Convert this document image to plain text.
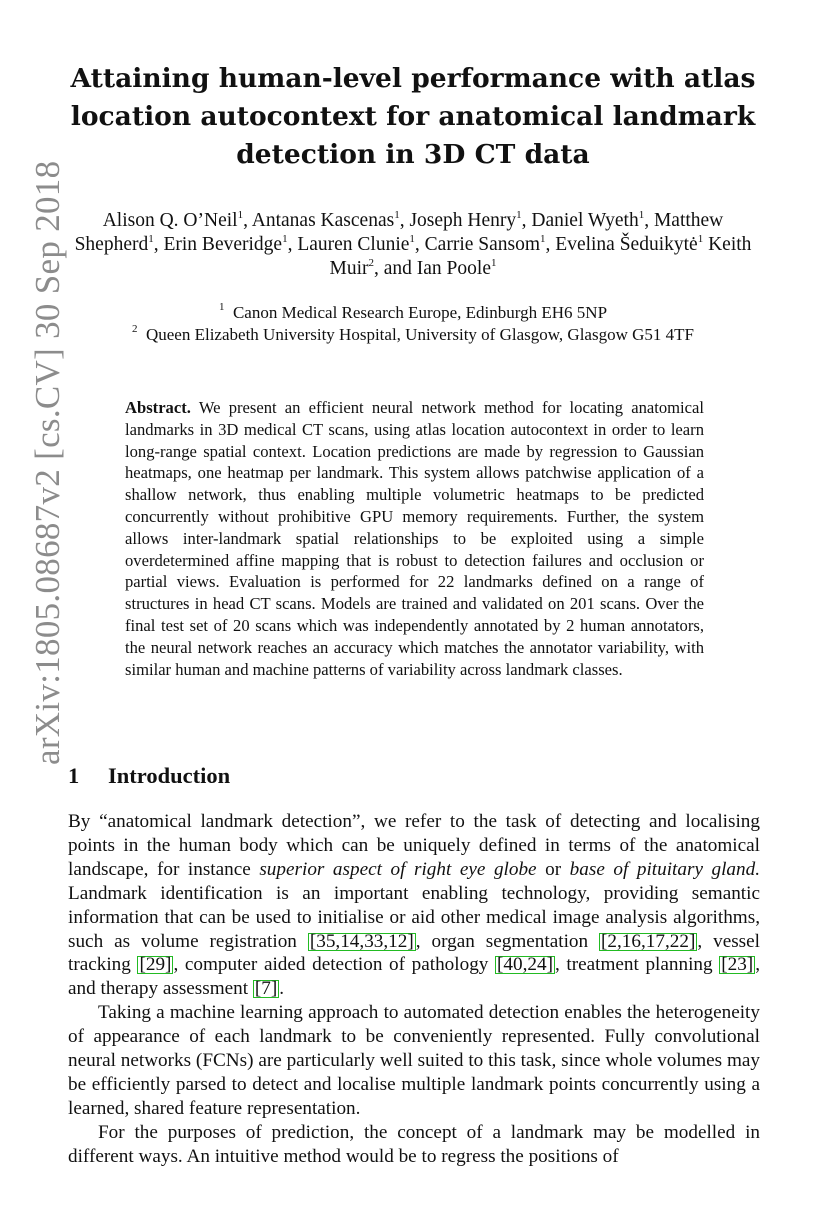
arXiv:1805.08687v2 [cs.CV] 30 Sep 2018
Attaining human-level performance with atlas location autocontext for anatomical landmark detection in 3D CT data
Alison Q. O’Neil$^1$, Antanas Kascenas$^1$, Joseph Henry$^1$, Daniel Wyeth$^1$, Matthew Shepherd$^1$, Erin Beveridge$^1$, Lauren Clunie$^1$, Carrie Sansom$^1$, Evelina Šeduikytė$^1$ Keith Muir$^2$, and Ian Poole$^1$
$^1$ Canon Medical Research Europe, Edinburgh EH6 5NP
$^2$ Queen Elizabeth University Hospital, University of Glasgow, Glasgow G51 4TF

Abstract. We present an efficient neural network method for locating anatomical landmarks in 3D medical CT scans, using atlas location autocontext in order to learn long-range spatial context. Location predictions are made by regression to Gaussian heatmaps, one heatmap per landmark. This system allows patchwise application of a shallow network, thus enabling multiple volumetric heatmaps to be predicted concurrently without prohibitive GPU memory requirements. Further, the system allows inter-landmark spatial relationships to be exploited using a simple overdetermined affine mapping that is robust to detection failures and occlusion or partial views. Evaluation is performed for 22 landmarks defined on a range of structures in head CT scans. Models are trained and validated on 201 scans. Over the final test set of 20 scans which was independently annotated by 2 human annotators, the neural network reaches an accuracy which matches the annotator variability, with similar human and machine patterns of variability across landmark classes.

1 Introduction

By “anatomical landmark detection”, we refer to the task of detecting and localising points in the human body which can be uniquely defined in terms of the anatomical landscape, for instance superior aspect of right eye globe or base of pituitary gland. Landmark identification is an important enabling technology, providing semantic information that can be used to initialise or aid other medical image analysis algorithms, such as volume registration [35,14,33,12] , organ segmentation [2,16,17,22] , vessel tracking [29] , computer aided detection of pathology [40,24] , treatment planning [23] , and therapy assessment [7] .

Taking a machine learning approach to automated detection enables the heterogeneity of appearance of each landmark to be conveniently represented. Fully convolutional neural networks (FCNs) are particularly well suited to this task, since whole volumes may be efficiently parsed to detect and localise multiple landmark points concurrently using a learned, shared feature representation.

For the purposes of prediction, the concept of a landmark may be modelled in different ways. An intuitive method would be to regress the positions of
